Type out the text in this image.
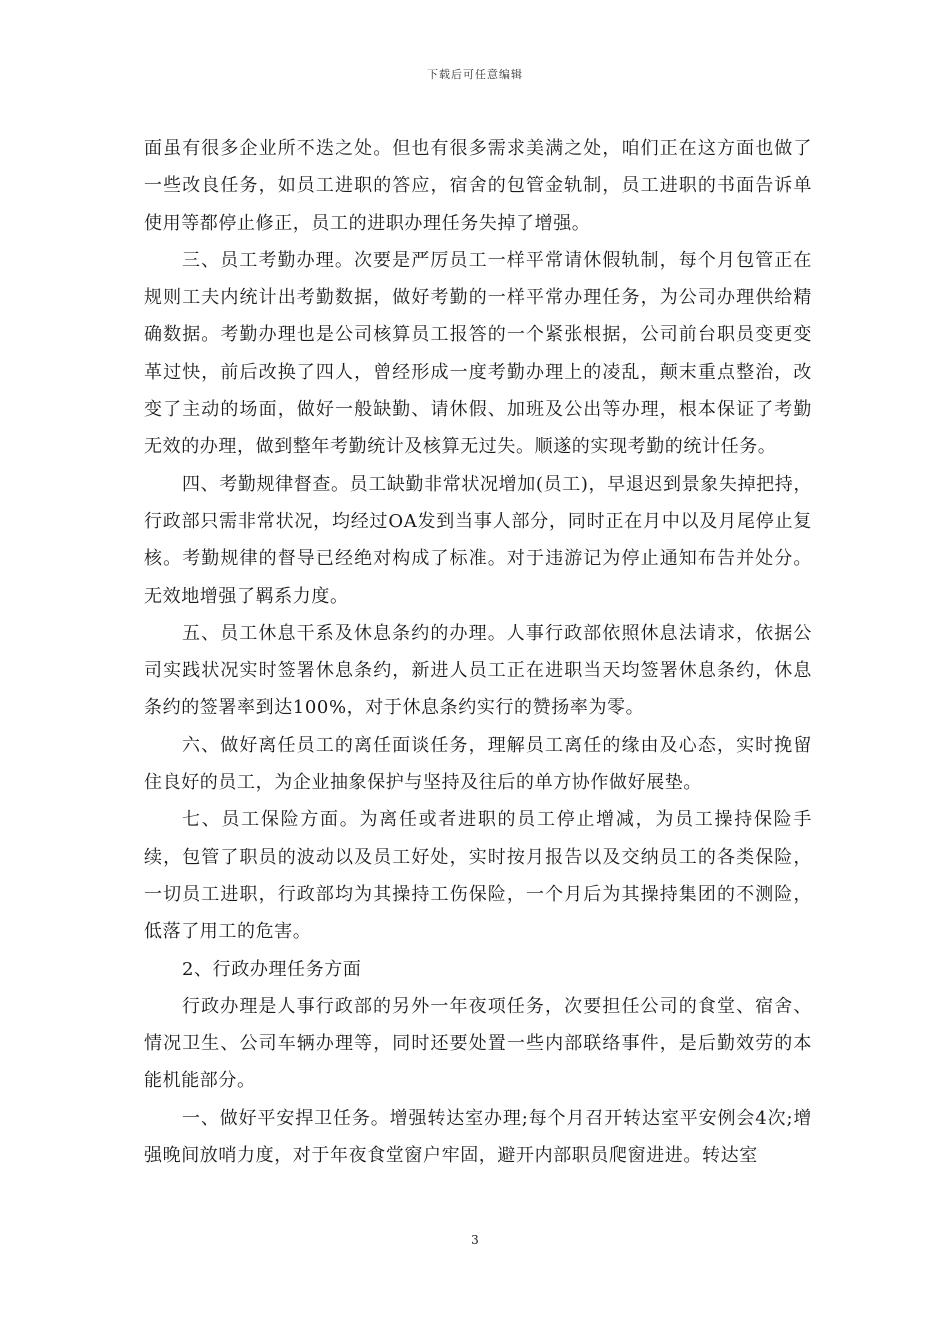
下载后可任意编辑

面虽有很多企业所不迭之处。但也有很多需求美满之处，咱们正在这方面也做了一些改良任务，如员工进职的答应，宿舍的包管金轨制，员工进职的书面告诉单使用等都停止修正，员工的进职办理任务失掉了增强。

三、员工考勤办理。次要是严厉员工一样平常请休假轨制，每个月包管正在规则工夫内统计出考勤数据，做好考勤的一样平常办理任务，为公司办理供给精确数据。考勤办理也是公司核算员工报答的一个紧张根据，公司前台职员变更变革过快，前后改换了四人，曾经形成一度考勤办理上的凌乱，颠末重点整治，改变了主动的场面，做好一般缺勤、请休假、加班及公出等办理，根本保证了考勤无效的办理，做到整年考勤统计及核算无过失。顺遂的实现考勤的统计任务。

四、考勤规律督查。员工缺勤非常状况增加(员工)，早退迟到景象失掉把持，行政部只需非常状况，均经过OA发到当事人部分，同时正在月中以及月尾停止复核。考勤规律的督导已经绝对构成了标准。对于违游记为停止通知布告并处分。无效地增强了羁系力度。

五、员工休息干系及休息条约的办理。人事行政部依照休息法请求，依据公司实践状况实时签署休息条约，新进人员工正在进职当天均签署休息条约，休息条约的签署率到达100%，对于休息条约实行的赞扬率为零。

六、做好离任员工的离任面谈任务，理解员工离任的缘由及心态，实时挽留住良好的员工，为企业抽象保护与坚持及往后的单方协作做好展垫。

七、员工保险方面。为离任或者进职的员工停止增减，为员工操持保险手续，包管了职员的波动以及员工好处，实时按月报告以及交纳员工的各类保险，一切员工进职，行政部均为其操持工伤保险，一个月后为其操持集团的不测险，低落了用工的危害。

2、行政办理任务方面

行政办理是人事行政部的另外一年夜项任务，次要担任公司的食堂、宿舍、情况卫生、公司车辆办理等，同时还要处置一些内部联络事件，是后勤效劳的本能机能部分。

一、做好平安捍卫任务。增强转达室办理;每个月召开转达室平安例会4次;增强晚间放哨力度，对于年夜食堂窗户牢固，避开内部职员爬窗进进。转达室

3
